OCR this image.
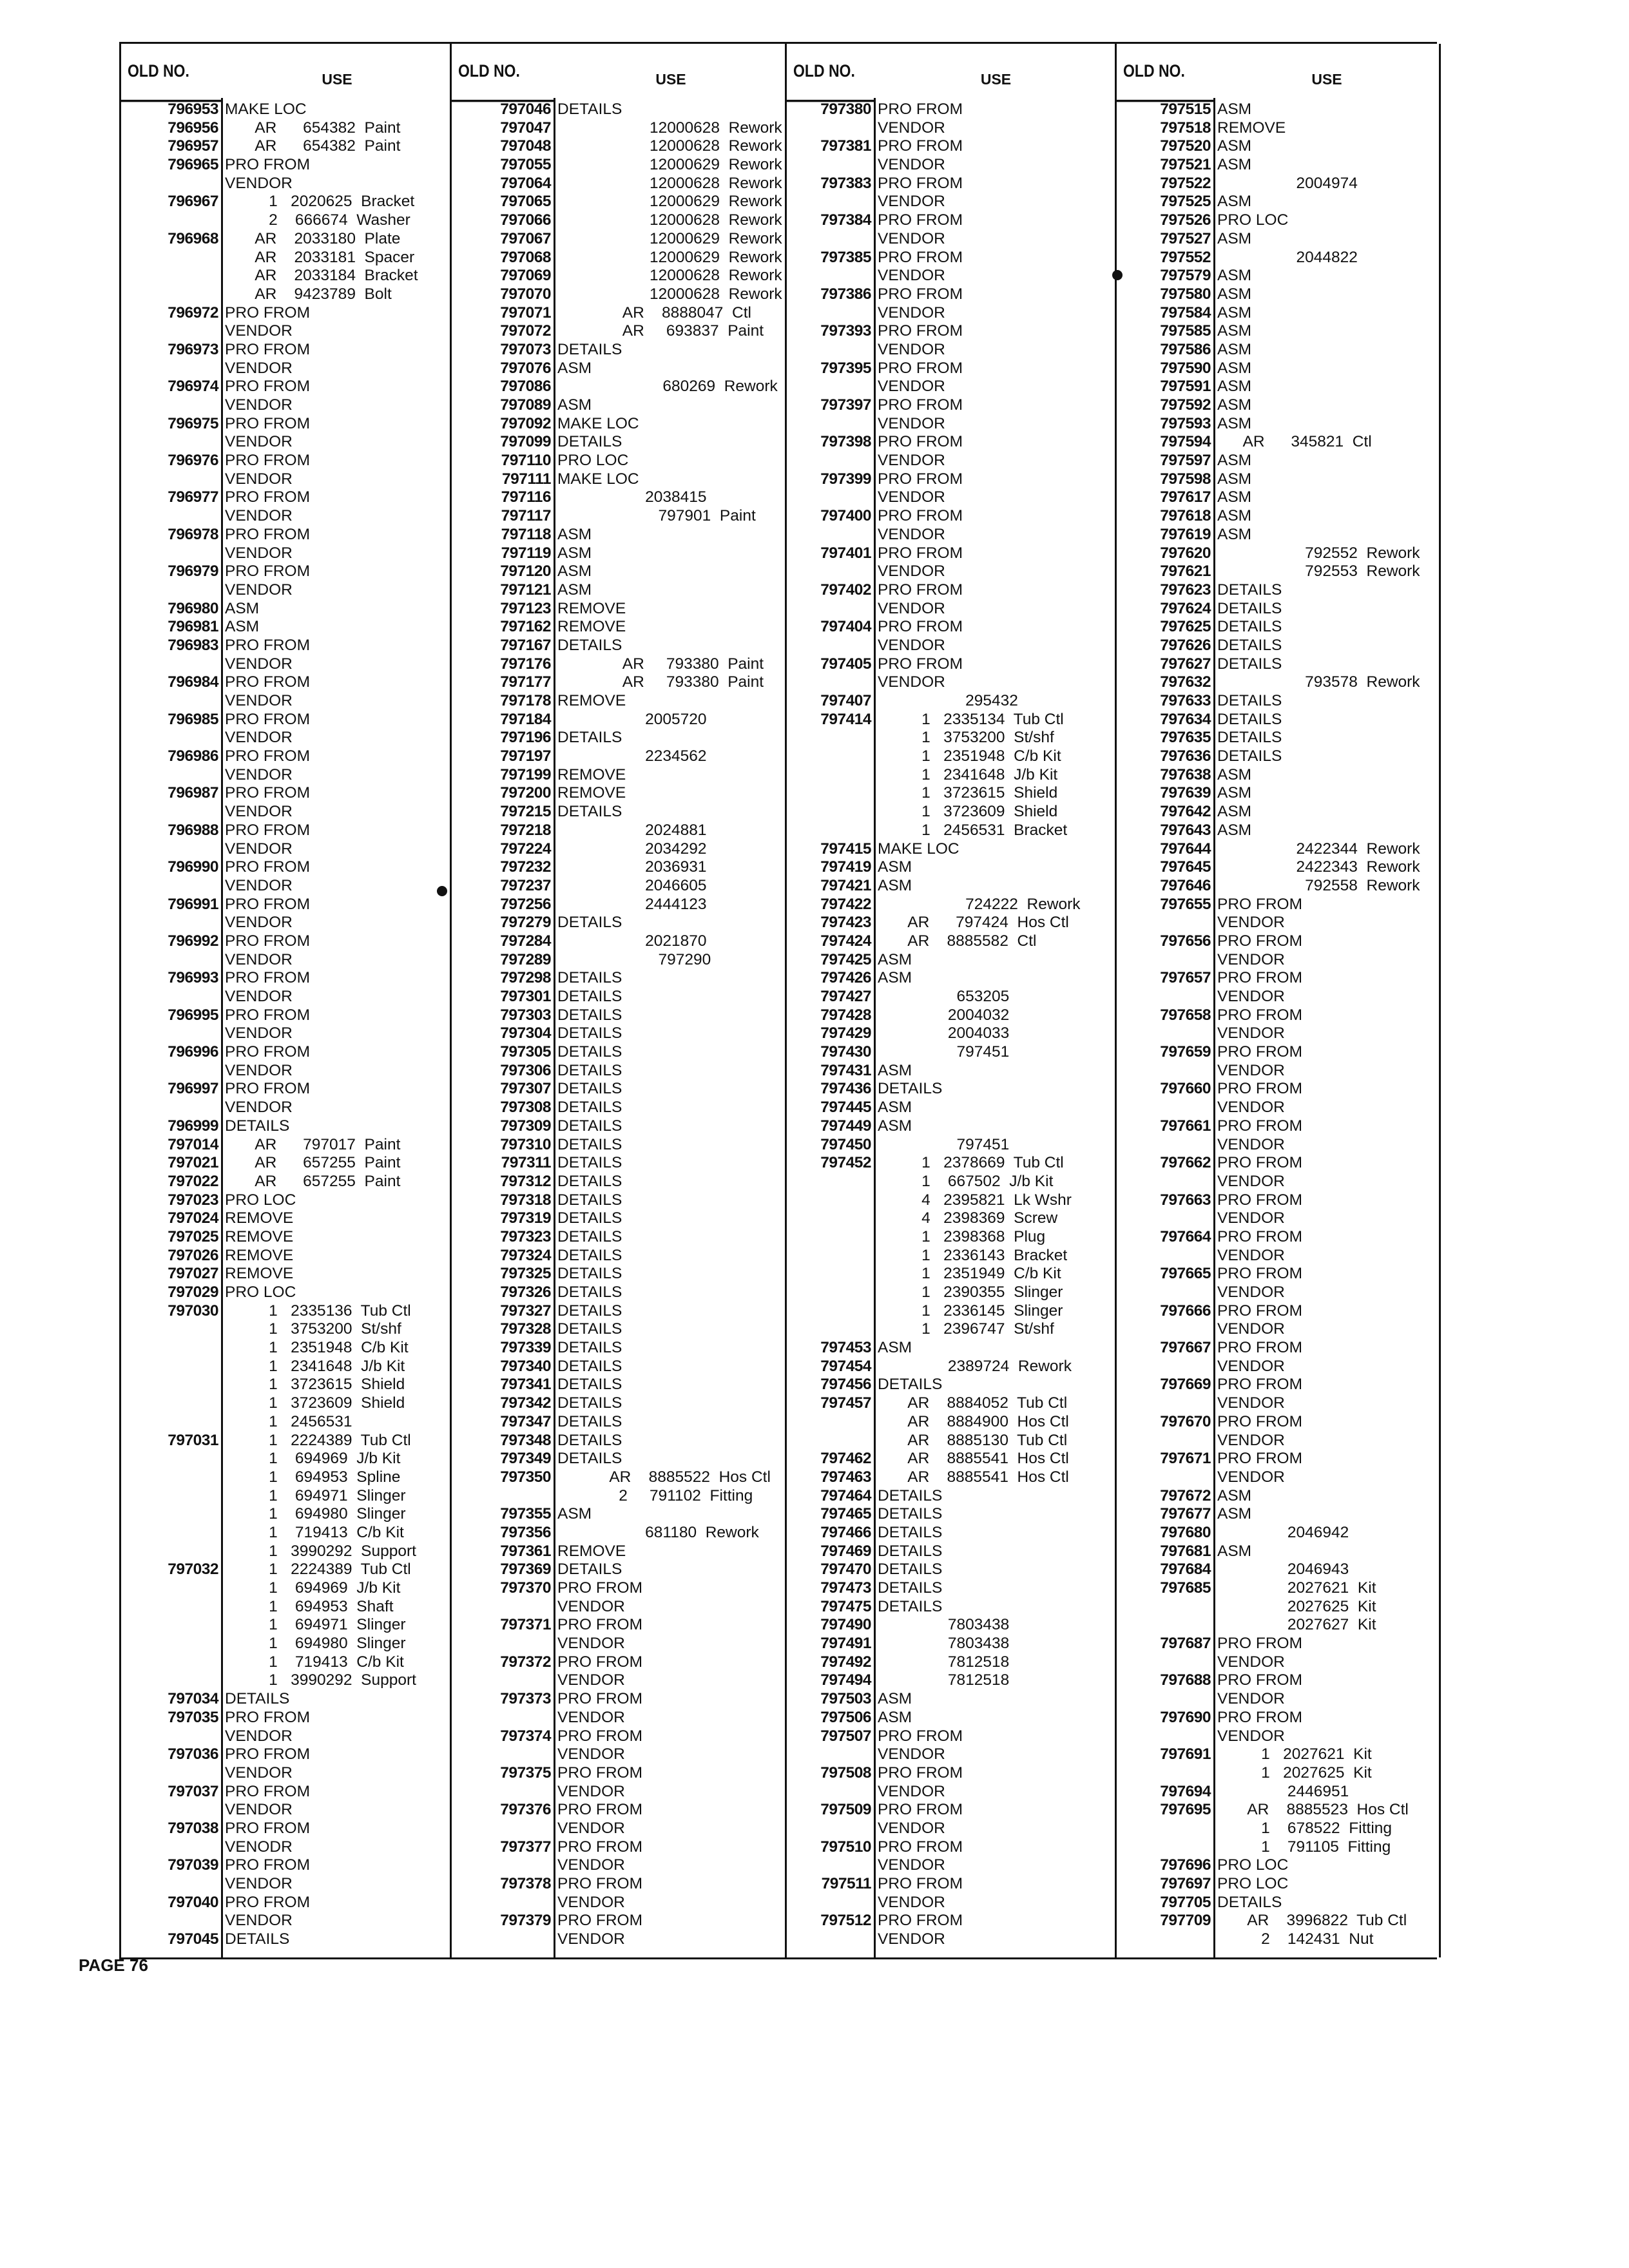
OLD NO.	USE
796953 MAKE LOC
796956 AR      654382  Paint
796957 AR      654382  Paint
796965 PRO FROM
VENDOR
796967 1   2020625  Bracket
2    666674  Washer
796968 AR    2033180  Plate
AR    2033181  Spacer
AR    2033184  Bracket
AR    9423789  Bolt
796972 PRO FROM
VENDOR
796973 PRO FROM
VENDOR
796974 PRO FROM
VENDOR
796975 PRO FROM
VENDOR
796976 PRO FROM
VENDOR
796977 PRO FROM
VENDOR
796978 PRO FROM
VENDOR
796979 PRO FROM
VENDOR
796980 ASM
796981 ASM
796983 PRO FROM
VENDOR
796984 PRO FROM
VENDOR
796985 PRO FROM
VENDOR
796986 PRO FROM
VENDOR
796987 PRO FROM
VENDOR
796988 PRO FROM
VENDOR
796990 PRO FROM
VENDOR
796991 PRO FROM
VENDOR
796992 PRO FROM
VENDOR
796993 PRO FROM
VENDOR
796995 PRO FROM
VENDOR
796996 PRO FROM
VENDOR
796997 PRO FROM
VENDOR
796999 DETAILS
797014 AR      797017  Paint
797021 AR      657255  Paint
797022 AR      657255  Paint
797023 PRO LOC
797024 REMOVE
797025 REMOVE
797026 REMOVE
797027 REMOVE
797029 PRO LOC
797030 1   2335136  Tub Ctl
1   3753200  St/shf
1   2351948  C/b Kit
1   2341648  J/b Kit
1   3723615  Shield
1   3723609  Shield
1   2456531
797031 1   2224389  Tub Ctl
1    694969  J/b Kit
1    694953  Spline
1    694971  Slinger
1    694980  Slinger
1    719413  C/b Kit
1   3990292  Support
797032 1   2224389  Tub Ctl
1    694969  J/b Kit
1    694953  Shaft
1    694971  Slinger
1    694980  Slinger
1    719413  C/b Kit
1   3990292  Support
797034 DETAILS
797035 PRO FROM
VENDOR
797036 PRO FROM
VENDOR
797037 PRO FROM
VENDOR
797038 PRO FROM
VENODR
797039 PRO FROM
VENDOR
797040 PRO FROM
VENDOR
797045 DETAILS
OLD NO.	USE
797046 DETAILS
797047 12000628  Rework
797048 12000628  Rework
797055 12000629  Rework
797064 12000628  Rework
797065 12000629  Rework
797066 12000628  Rework
797067 12000629  Rework
797068 12000629  Rework
797069 12000628  Rework
797070 12000628  Rework
797071 AR    8888047  Ctl
797072 AR     693837  Paint
797073 DETAILS
797076 ASM
797086 680269  Rework
797089 ASM
797092 MAKE LOC
797099 DETAILS
797110 PRO LOC
797111 MAKE LOC
797116 2038415
797117 797901  Paint
797118 ASM
797119 ASM
797120 ASM
797121 ASM
797123 REMOVE
797162 REMOVE
797167 DETAILS
797176 AR     793380  Paint
797177 AR     793380  Paint
797178 REMOVE
797184 2005720
797196 DETAILS
797197 2234562
797199 REMOVE
797200 REMOVE
797215 DETAILS
797218 2024881
797224 2034292
797232 2036931
797237 2046605
797256 2444123
797279 DETAILS
797284 2021870
797289 797290
797298 DETAILS
797301 DETAILS
797303 DETAILS
797304 DETAILS
797305 DETAILS
797306 DETAILS
797307 DETAILS
797308 DETAILS
797309 DETAILS
797310 DETAILS
797311 DETAILS
797312 DETAILS
797318 DETAILS
797319 DETAILS
797323 DETAILS
797324 DETAILS
797325 DETAILS
797326 DETAILS
797327 DETAILS
797328 DETAILS
797339 DETAILS
797340 DETAILS
797341 DETAILS
797342 DETAILS
797347 DETAILS
797348 DETAILS
797349 DETAILS
797350 AR    8885522  Hos Ctl
2     791102  Fitting
797355 ASM
797356 681180  Rework
797361 REMOVE
797369 DETAILS
797370 PRO FROM
VENDOR
797371 PRO FROM
VENDOR
797372 PRO FROM
VENDOR
797373 PRO FROM
VENDOR
797374 PRO FROM
VENDOR
797375 PRO FROM
VENDOR
797376 PRO FROM
VENDOR
797377 PRO FROM
VENDOR
797378 PRO FROM
VENDOR
797379 PRO FROM
VENDOR
OLD NO.	USE
797380 PRO FROM
VENDOR
797381 PRO FROM
VENDOR
797383 PRO FROM
VENDOR
797384 PRO FROM
VENDOR
797385 PRO FROM
VENDOR
797386 PRO FROM
VENDOR
797393 PRO FROM
VENDOR
797395 PRO FROM
VENDOR
797397 PRO FROM
VENDOR
797398 PRO FROM
VENDOR
797399 PRO FROM
VENDOR
797400 PRO FROM
VENDOR
797401 PRO FROM
VENDOR
797402 PRO FROM
VENDOR
797404 PRO FROM
VENDOR
797405 PRO FROM
VENDOR
797407 295432
797414 1   2335134  Tub Ctl
1   3753200  St/shf
1   2351948  C/b Kit
1   2341648  J/b Kit
1   3723615  Shield
1   3723609  Shield
1   2456531  Bracket
797415 MAKE LOC
797419 ASM
797421 ASM
797422 724222  Rework
797423 AR      797424  Hos Ctl
797424 AR    8885582  Ctl
797425 ASM
797426 ASM
797427 653205
797428 2004032
797429 2004033
797430 797451
797431 ASM
797436 DETAILS
797445 ASM
797449 ASM
797450 797451
797452 1   2378669  Tub Ctl
1    667502  J/b Kit
4   2395821  Lk Wshr
4   2398369  Screw
1   2398368  Plug
1   2336143  Bracket
1   2351949  C/b Kit
1   2390355  Slinger
1   2336145  Slinger
1   2396747  St/shf
797453 ASM
797454 2389724  Rework
797456 DETAILS
797457 AR    8884052  Tub Ctl
AR    8884900  Hos Ctl
AR    8885130  Tub Ctl
797462 AR    8885541  Hos Ctl
797463 AR    8885541  Hos Ctl
797464 DETAILS
797465 DETAILS
797466 DETAILS
797469 DETAILS
797470 DETAILS
797473 DETAILS
797475 DETAILS
797490 7803438
797491 7803438
797492 7812518
797494 7812518
797503 ASM
797506 ASM
797507 PRO FROM
VENDOR
797508 PRO FROM
VENDOR
797509 PRO FROM
VENDOR
797510 PRO FROM
VENDOR
797511 PRO FROM
VENDOR
797512 PRO FROM
VENDOR
OLD NO.	USE
797515 ASM
797518 REMOVE
797520 ASM
797521 ASM
797522 2004974
797525 ASM
797526 PRO LOC
797527 ASM
797552 2044822
797579 ASM
797580 ASM
797584 ASM
797585 ASM
797586 ASM
797590 ASM
797591 ASM
797592 ASM
797593 ASM
797594 AR      345821  Ctl
797597 ASM
797598 ASM
797617 ASM
797618 ASM
797619 ASM
797620 792552  Rework
797621 792553  Rework
797623 DETAILS
797624 DETAILS
797625 DETAILS
797626 DETAILS
797627 DETAILS
797632 793578  Rework
797633 DETAILS
797634 DETAILS
797635 DETAILS
797636 DETAILS
797638 ASM
797639 ASM
797642 ASM
797643 ASM
797644 2422344  Rework
797645 2422343  Rework
797646 792558  Rework
797655 PRO FROM
VENDOR
797656 PRO FROM
VENDOR
797657 PRO FROM
VENDOR
797658 PRO FROM
VENDOR
797659 PRO FROM
VENDOR
797660 PRO FROM
VENDOR
797661 PRO FROM
VENDOR
797662 PRO FROM
VENDOR
797663 PRO FROM
VENDOR
797664 PRO FROM
VENDOR
797665 PRO FROM
VENDOR
797666 PRO FROM
VENDOR
797667 PRO FROM
VENDOR
797669 PRO FROM
VENDOR
797670 PRO FROM
VENDOR
797671 PRO FROM
VENDOR
797672 ASM
797677 ASM
797680 2046942
797681 ASM
797684 2046943
797685 2027621  Kit
2027625  Kit
2027627  Kit
797687 PRO FROM
VENDOR
797688 PRO FROM
VENDOR
797690 PRO FROM
VENDOR
797691 1   2027621  Kit
1   2027625  Kit
797694 2446951
797695 AR    8885523  Hos Ctl
1    678522  Fitting
1    791105  Fitting
797696 PRO LOC
797697 PRO LOC
797705 DETAILS
797709 AR    3996822  Tub Ctl
2    142431  Nut
PAGE 76
